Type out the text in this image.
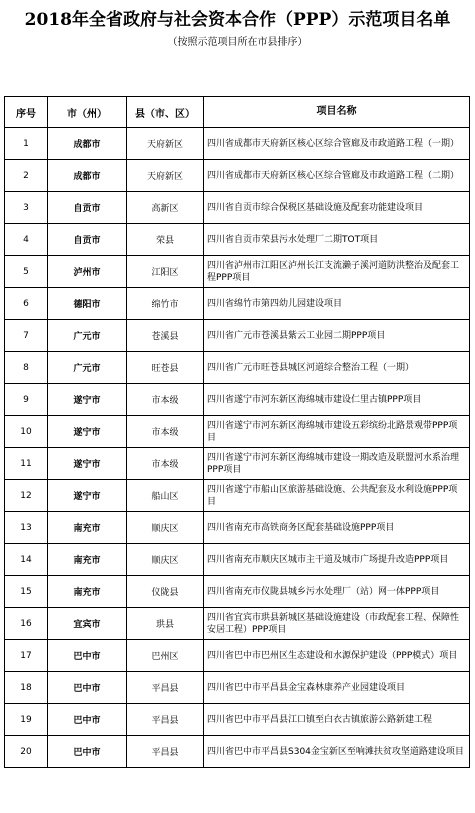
2018年全省政府与社会资本合作（PPP）示范项目名单
（按照示范项目所在市县排序）
序号	市（州）	县（市、区）	项目名称
1	成都市	天府新区	四川省成都市天府新区核心区综合管廊及市政道路工程（一期）
2	成都市	天府新区	四川省成都市天府新区核心区综合管廊及市政道路工程（二期）
3	自贡市	高新区	四川省自贡市综合保税区基础设施及配套功能建设项目
4	自贡市	荣县	四川省自贡市荣县污水处理厂二期TOT项目
5	泸州市	江阳区	四川省泸州市江阳区泸州长江支流濑子溪河道防洪整治及配套工程PPP项目
6	德阳市	绵竹市	四川省绵竹市第四幼儿园建设项目
7	广元市	苍溪县	四川省广元市苍溪县紫云工业园二期PPP项目
8	广元市	旺苍县	四川省广元市旺苍县城区河道综合整治工程（一期）
9	遂宁市	市本级	四川省遂宁市河东新区海绵城市建设仁里古镇PPP项目
10	遂宁市	市本级	四川省遂宁市河东新区海绵城市建设五彩缤纷北路景观带PPP项目
11	遂宁市	市本级	四川省遂宁市河东新区海绵城市建设一期改造及联盟河水系治理PPP项目
12	遂宁市	船山区	四川省遂宁市船山区旅游基础设施、公共配套及水利设施PPP项目
13	南充市	顺庆区	四川省南充市高铁商务区配套基础设施PPP项目
14	南充市	顺庆区	四川省南充市顺庆区城市主干道及城市广场提升改造PPP项目
15	南充市	仪陇县	四川省南充市仪陇县城乡污水处理厂（站）网一体PPP项目
16	宜宾市	珙县	四川省宜宾市珙县新城区基础设施建设（市政配套工程、保障性安居工程）PPP项目
17	巴中市	巴州区	四川省巴中市巴州区生态建设和水源保护建设（PPP模式）项目
18	巴中市	平昌县	四川省巴中市平昌县金宝森林康养产业园建设项目
19	巴中市	平昌县	四川省巴中市平昌县江口镇至白衣古镇旅游公路新建工程
20	巴中市	平昌县	四川省巴中市平昌县S304金宝新区至响滩扶贫攻坚道路建设项目
